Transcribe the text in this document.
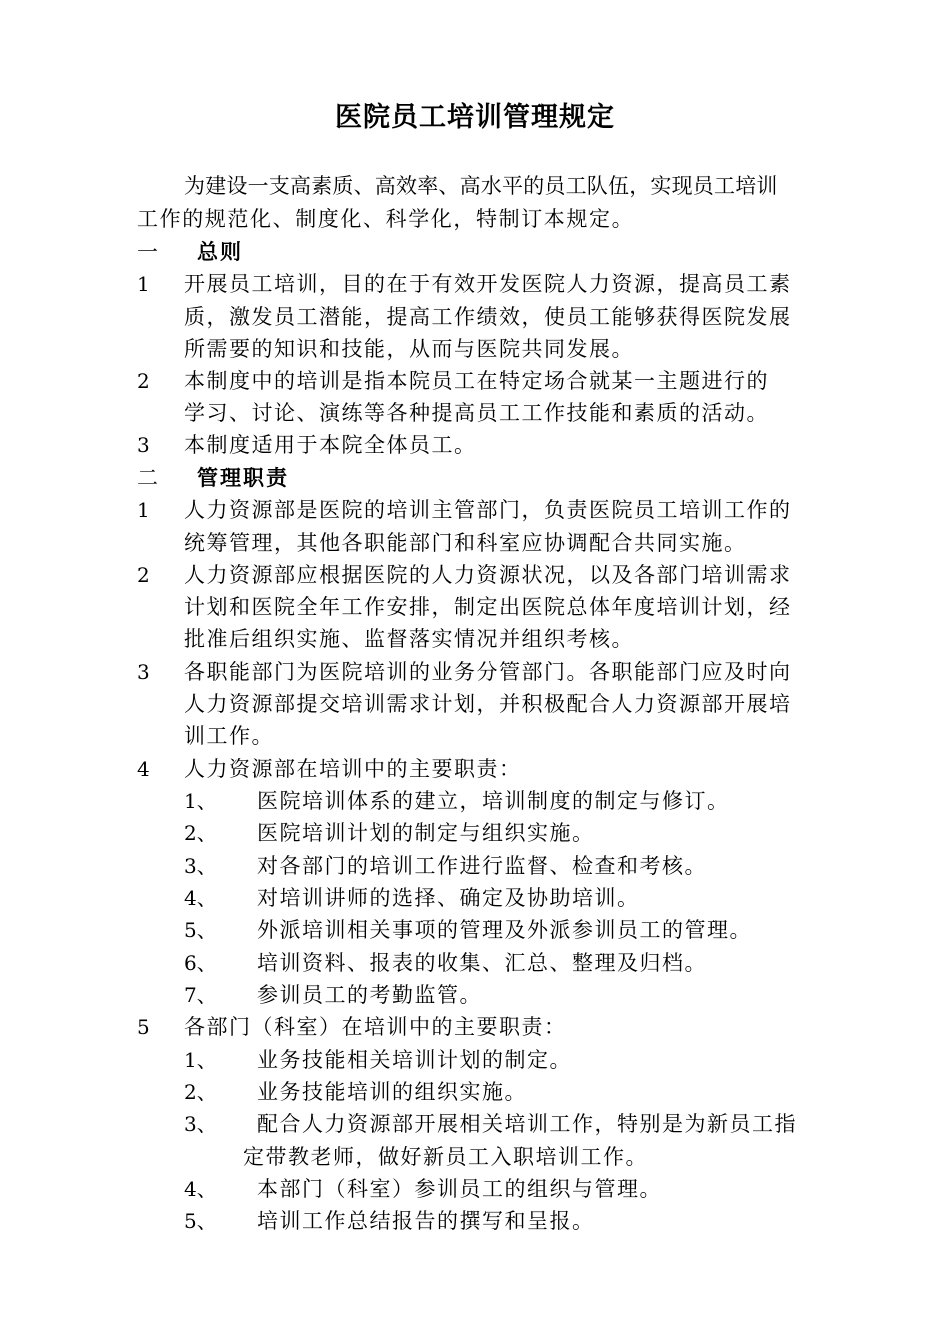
医院员工培训管理规定
为建设一支高素质、高效率、高水平的员工队伍，实现员工培训
工作的规范化、制度化、科学化，特制订本规定。
一 总则
1	开展员工培训，目的在于有效开发医院人力资源，提高员工素
质，激发员工潜能，提高工作绩效，使员工能够获得医院发展
所需要的知识和技能，从而与医院共同发展。
2	本制度中的培训是指本院员工在特定场合就某一主题进行的
学习、讨论、演练等各种提高员工工作技能和素质的活动。
3	本制度适用于本院全体员工。
二 管理职责
1	人力资源部是医院的培训主管部门，负责医院员工培训工作的
统筹管理，其他各职能部门和科室应协调配合共同实施。
2	人力资源部应根据医院的人力资源状况，以及各部门培训需求
计划和医院全年工作安排，制定出医院总体年度培训计划，经
批准后组织实施、监督落实情况并组织考核。
3	各职能部门为医院培训的业务分管部门。各职能部门应及时向
人力资源部提交培训需求计划，并积极配合人力资源部开展培
训工作。
4	人力资源部在培训中的主要职责：
1、 医院培训体系的建立，培训制度的制定与修订。
2、 医院培训计划的制定与组织实施。
3、 对各部门的培训工作进行监督、检查和考核。
4、 对培训讲师的选择、确定及协助培训。
5、 外派培训相关事项的管理及外派参训员工的管理。
6、 培训资料、报表的收集、汇总、整理及归档。
7、 参训员工的考勤监管。
5	各部门（科室）在培训中的主要职责：
1、 业务技能相关培训计划的制定。
2、 业务技能培训的组织实施。
3、 配合人力资源部开展相关培训工作，特别是为新员工指
定带教老师，做好新员工入职培训工作。
4、 本部门（科室）参训员工的组织与管理。
5、 培训工作总结报告的撰写和呈报。
